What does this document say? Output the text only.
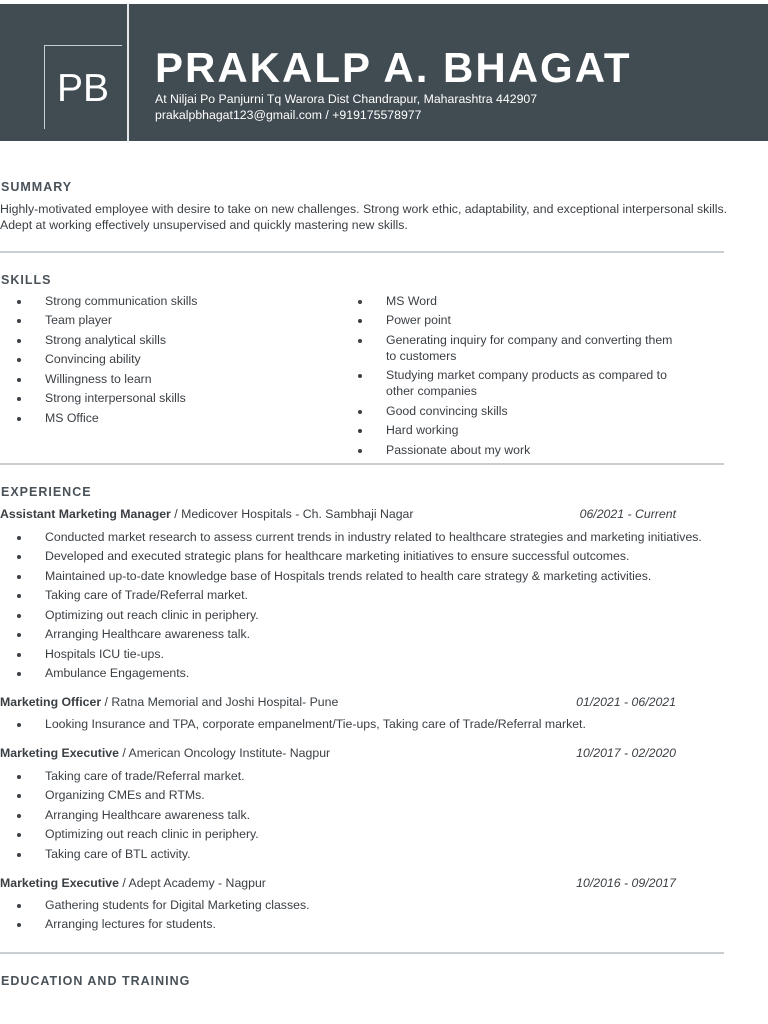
PB PRAKALP A. BHAGAT
At Niljai Po Panjurni Tq Warora Dist Chandrapur, Maharashtra 442907
prakalpbhagat123@gmail.com / +919175578977
SUMMARY
Highly-motivated employee with desire to take on new challenges. Strong work ethic, adaptability, and exceptional interpersonal skills. Adept at working effectively unsupervised and quickly mastering new skills.
SKILLS
Strong communication skills
Team player
Strong analytical skills
Convincing ability
Willingness to learn
Strong interpersonal skills
MS Office
MS Word
Power point
Generating inquiry for company and converting them to customers
Studying market company products as compared to other companies
Good convincing skills
Hard working
Passionate about my work
EXPERIENCE
Assistant Marketing Manager / Medicover Hospitals - Ch. Sambhaji Nagar	06/2021 - Current
Conducted market research to assess current trends in industry related to healthcare strategies and marketing initiatives.
Developed and executed strategic plans for healthcare marketing initiatives to ensure successful outcomes.
Maintained up-to-date knowledge base of Hospitals trends related to health care strategy & marketing activities.
Taking care of Trade/Referral market.
Optimizing out reach clinic in periphery.
Arranging Healthcare awareness talk.
Hospitals ICU tie-ups.
Ambulance Engagements.
Marketing Officer / Ratna Memorial and Joshi Hospital- Pune	01/2021 - 06/2021
Looking Insurance and TPA, corporate empanelment/Tie-ups, Taking care of Trade/Referral market.
Marketing Executive / American Oncology Institute- Nagpur	10/2017 - 02/2020
Taking care of trade/Referral market.
Organizing CMEs and RTMs.
Arranging Healthcare awareness talk.
Optimizing out reach clinic in periphery.
Taking care of BTL activity.
Marketing Executive / Adept Academy - Nagpur	10/2016 - 09/2017
Gathering students for Digital Marketing classes.
Arranging lectures for students.
EDUCATION AND TRAINING
